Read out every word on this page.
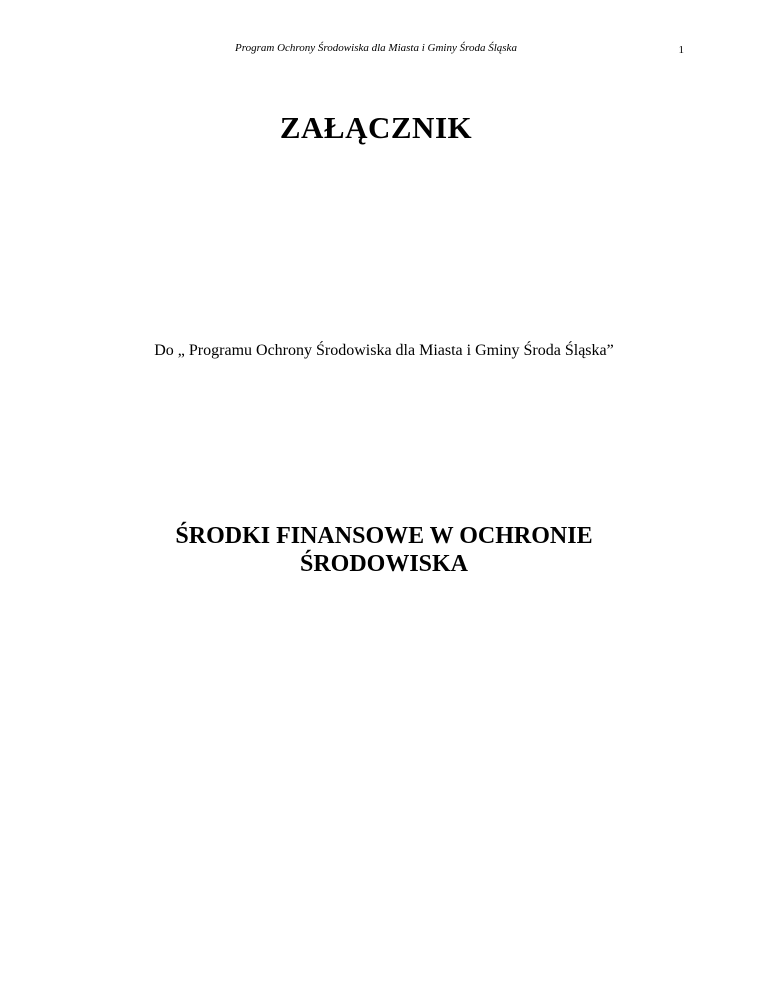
Program Ochrony Środowiska dla Miasta i Gminy Środa Śląska	1
ZAŁĄCZNIK
Do „ Programu Ochrony Środowiska dla Miasta i Gminy Środa Śląska”
ŚRODKI FINANSOWE W OCHRONIE
ŚRODOWISKA
